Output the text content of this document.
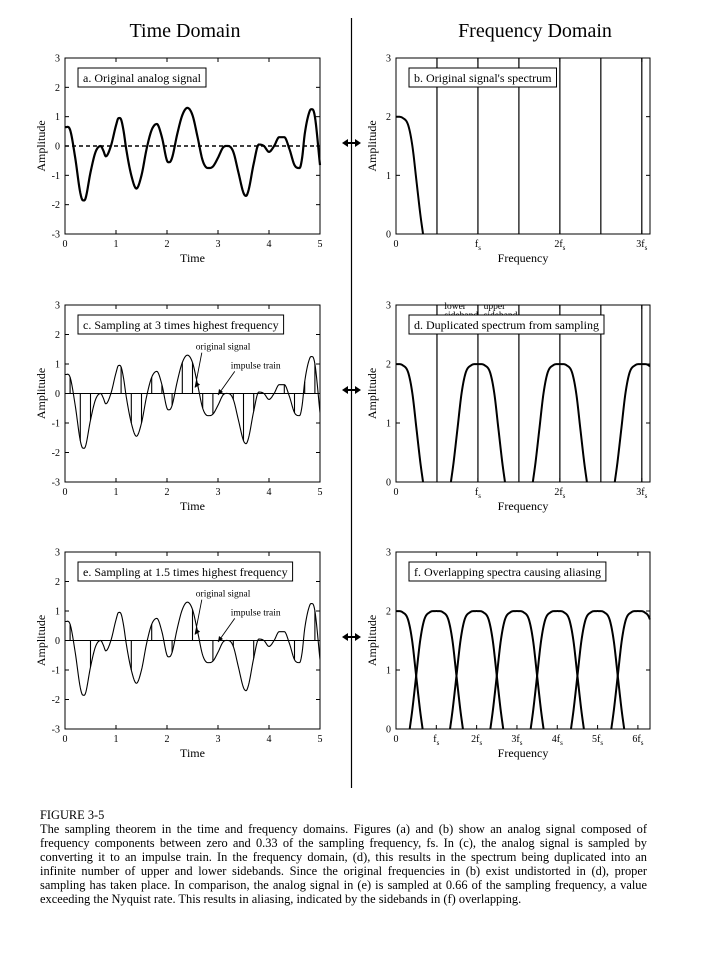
Time Domain	Frequency Domain
-3
-2
-1
0
1
2
3
0	1	2	3	4	5
Time
Amplitude
a. Original analog signal
-3
-2
-1
0
1
2
3
0	1	2	3	4	5
Time
Amplitude
original signal
impulse train
c. Sampling at 3 times highest frequency
-3
-2
-1
0
1
2
3
0	1	2	3	4	5
Time
Amplitude
original signal
impulse train
e. Sampling at 1.5 times highest frequency
0
1
2
3
0	$f_s$	$2f_s$	$3f_s$
Frequency
Amplitude
b. Original signal's spectrum
0
1
2
3
0	$f_s$	$2f_s$	$3f_s$
Frequency
Amplitude
lower upper
d. Duplicated spectrum from sampling
0
1
2
3
0	$f_s$	$2f_s$	$3f_s$	$4f_s$	$5f_s$	$6f_s$
Frequency
Amplitude
f. Overlapping spectra causing aliasing
FIGURE 3-5
The sampling theorem in the time and frequency domains. Figures (a) and (b) show an analog signal composed of frequency components between zero and 0.33 of the sampling frequency, fs. In (c), the analog signal is sampled by converting it to an impulse train. In the frequency domain, (d), this results in the spectrum being duplicated into an infinite number of upper and lower sidebands. Since the original frequencies in (b) exist undistorted in (d), proper sampling has taken place. In comparison, the analog signal in (e) is sampled at 0.66 of the sampling frequency, a value exceeding the Nyquist rate. This results in aliasing, indicated by the sidebands in (f) overlapping.
